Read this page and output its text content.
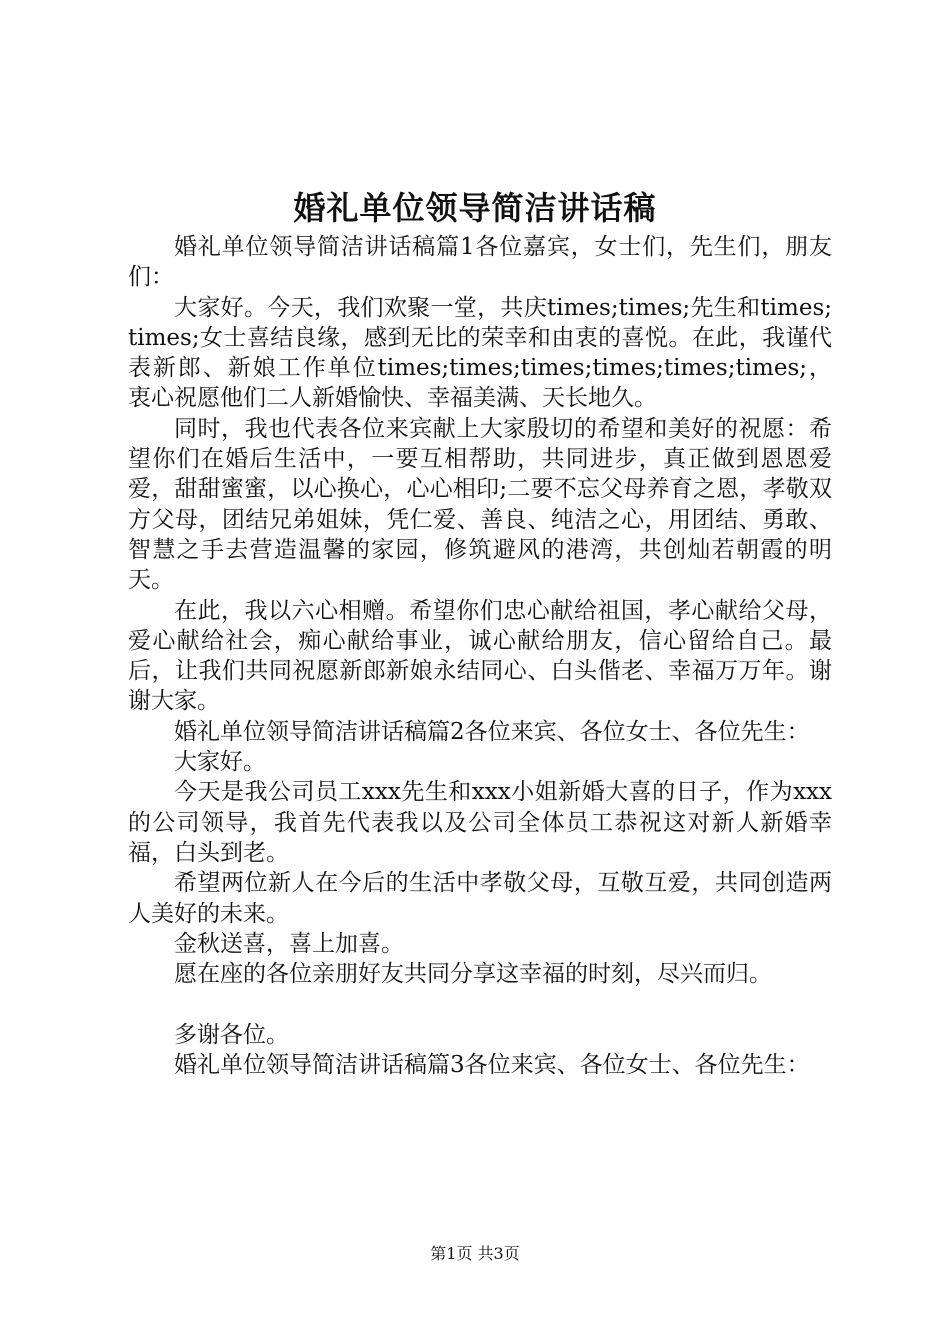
婚礼单位领导简洁讲话稿

婚礼单位领导简洁讲话稿篇1各位嘉宾，女士们，先生们，朋友们：

大家好。今天，我们欢聚一堂，共庆times;times;先生和times;times;女士喜结良缘，感到无比的荣幸和由衷的喜悦。在此，我谨代表新郎、新娘工作单位times;times;times;times;times;times;，衷心祝愿他们二人新婚愉快、幸福美满、天长地久。

同时，我也代表各位来宾献上大家殷切的希望和美好的祝愿：希望你们在婚后生活中，一要互相帮助，共同进步，真正做到恩恩爱爱，甜甜蜜蜜，以心换心，心心相印;二要不忘父母养育之恩，孝敬双方父母，团结兄弟姐妹，凭仁爱、善良、纯洁之心，用团结、勇敢、智慧之手去营造温馨的家园，修筑避风的港湾，共创灿若朝霞的明天。

在此，我以六心相赠。希望你们忠心献给祖国，孝心献给父母，爱心献给社会，痴心献给事业，诚心献给朋友，信心留给自己。最后，让我们共同祝愿新郎新娘永结同心、白头偕老、幸福万万年。谢谢大家。

婚礼单位领导简洁讲话稿篇2各位来宾、各位女士、各位先生：

大家好。

今天是我公司员工xxx先生和xxx小姐新婚大喜的日子，作为xxx的公司领导，我首先代表我以及公司全体员工恭祝这对新人新婚幸福，白头到老。

希望两位新人在今后的生活中孝敬父母，互敬互爱，共同创造两人美好的未来。

金秋送喜，喜上加喜。

愿在座的各位亲朋好友共同分享这幸福的时刻，尽兴而归。

多谢各位。

婚礼单位领导简洁讲话稿篇3各位来宾、各位女士、各位先生：

第1页 共3页
